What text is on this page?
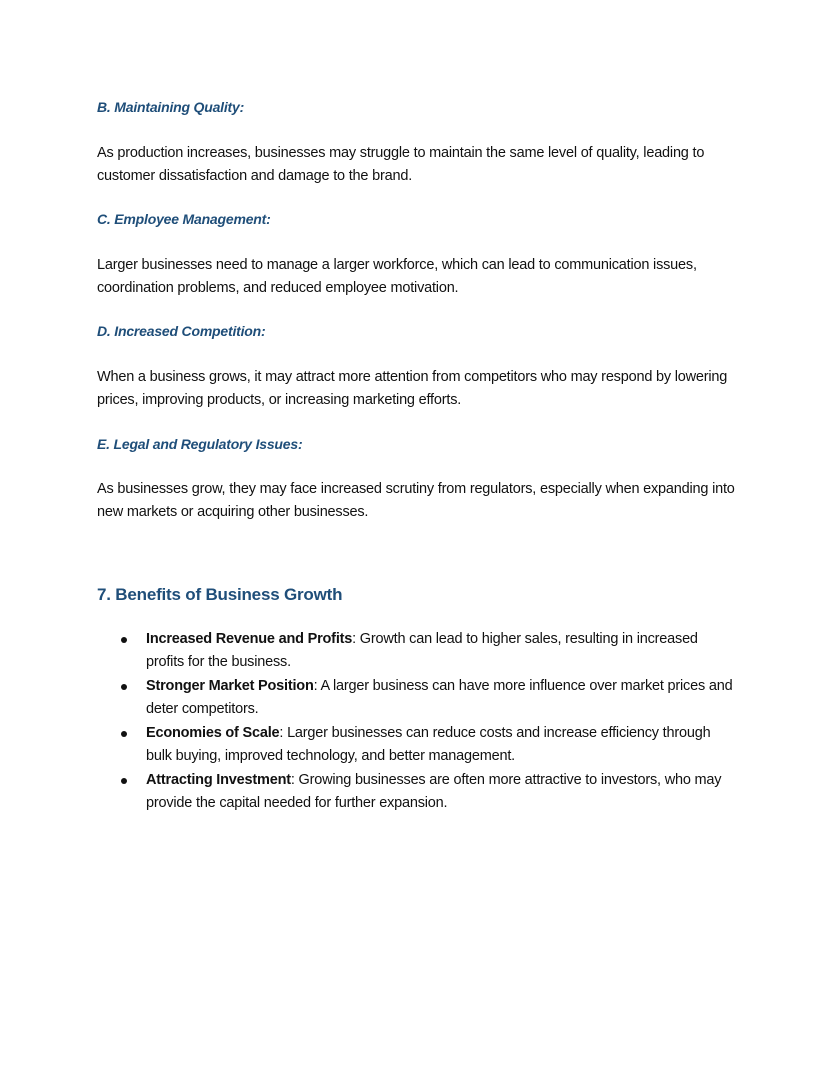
B. Maintaining Quality:
As production increases, businesses may struggle to maintain the same level of quality, leading to customer dissatisfaction and damage to the brand.
C. Employee Management:
Larger businesses need to manage a larger workforce, which can lead to communication issues, coordination problems, and reduced employee motivation.
D. Increased Competition:
When a business grows, it may attract more attention from competitors who may respond by lowering prices, improving products, or increasing marketing efforts.
E. Legal and Regulatory Issues:
As businesses grow, they may face increased scrutiny from regulators, especially when expanding into new markets or acquiring other businesses.
7. Benefits of Business Growth
Increased Revenue and Profits: Growth can lead to higher sales, resulting in increased profits for the business.
Stronger Market Position: A larger business can have more influence over market prices and deter competitors.
Economies of Scale: Larger businesses can reduce costs and increase efficiency through bulk buying, improved technology, and better management.
Attracting Investment: Growing businesses are often more attractive to investors, who may provide the capital needed for further expansion.
